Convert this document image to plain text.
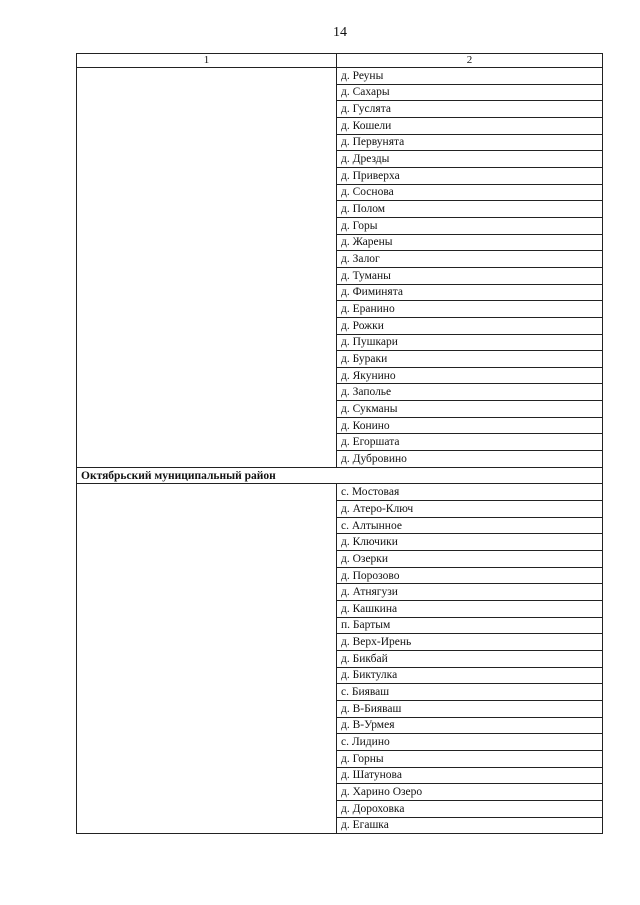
14
1	2
	д. Реуны
	д. Сахары
	д. Гуслята
	д. Кошели
	д. Первунята
	д. Дрезды
	д. Приверха
	д. Соснова
	д. Полом
	д. Горы
	д. Жарены
	д. Залог
	д. Туманы
	д. Фиминята
	д. Еранино
	д. Рожки
	д. Пушкари
	д. Бураки
	д. Якунино
	д. Заполье
	д. Сукманы
	д. Конино
	д. Егоршата
	д. Дубровино
Октябрьский муниципальный район	
	с. Мостовая
	д. Атеро-Ключ
	с. Алтынное
	д. Ключики
	д. Озерки
	д. Порозово
	д. Атнягузи
	д. Кашкина
	п. Бартым
	д. Верх-Ирень
	д. Бикбай
	д. Биктулка
	с. Бияваш
	д. В-Бияваш
	д. В-Урмея
	с. Лидино
	д. Горны
	д. Шатунова
	д. Харино Озеро
	д. Дороховка
	д. Егашка
